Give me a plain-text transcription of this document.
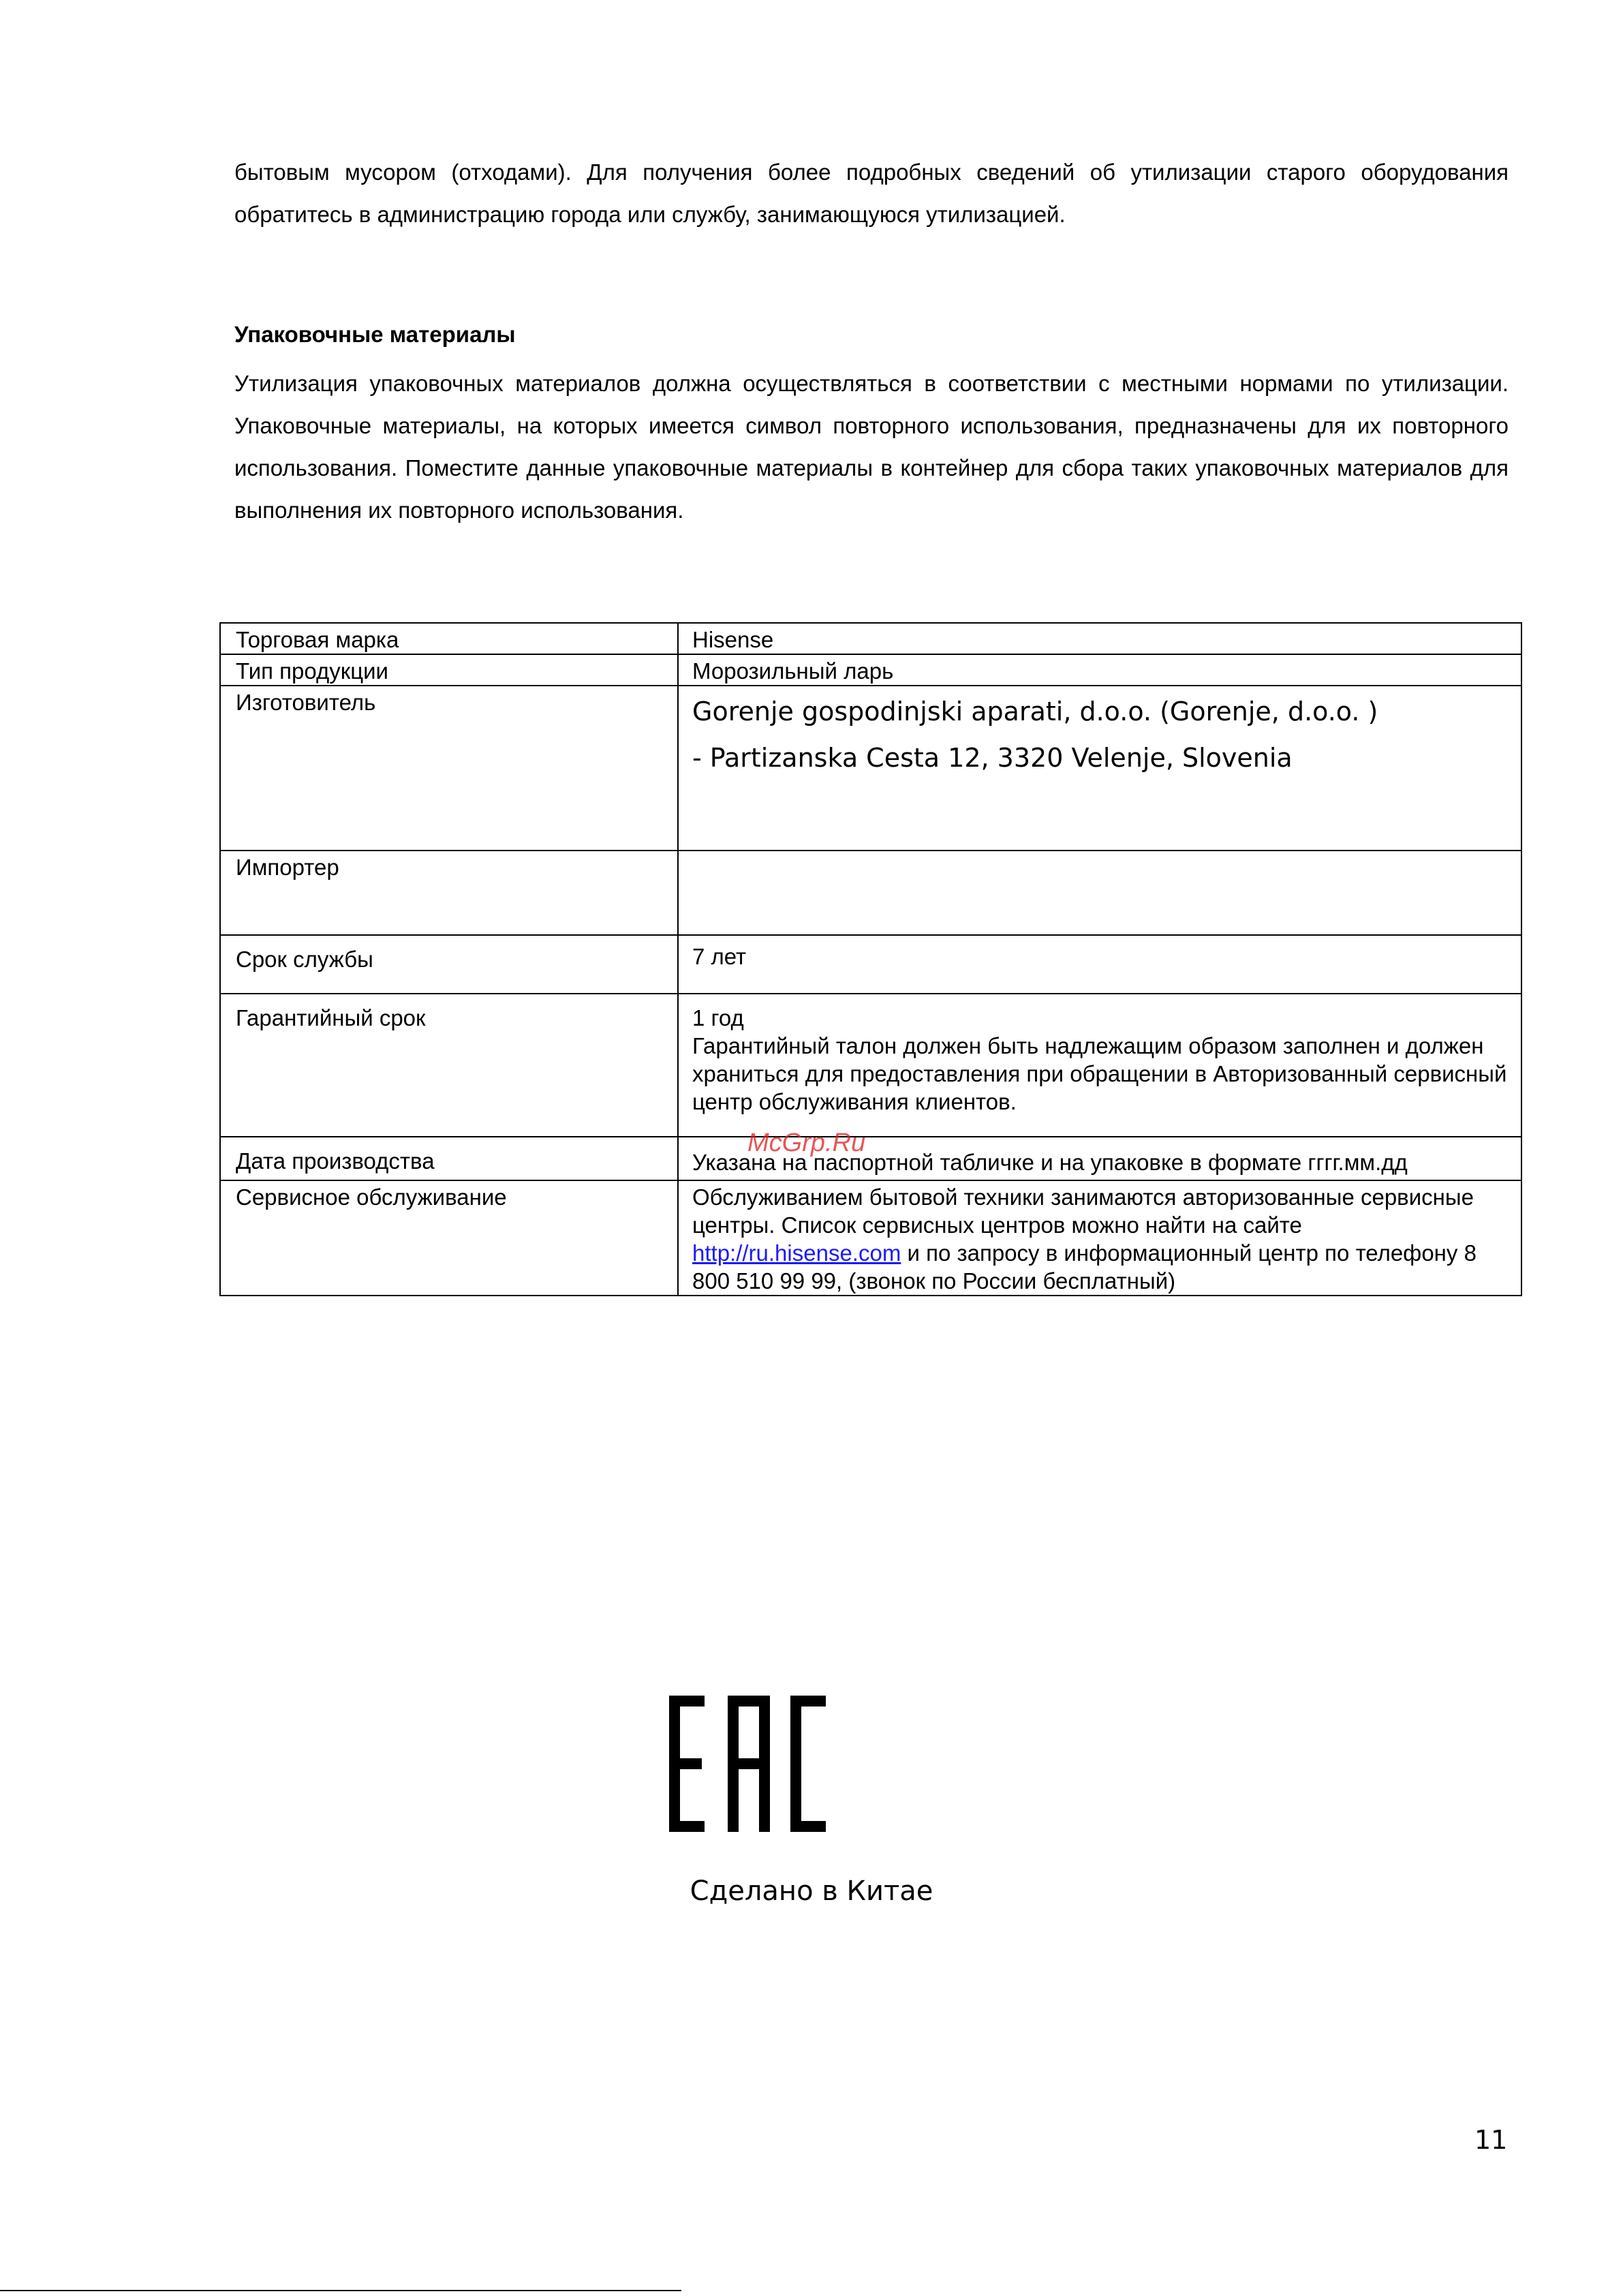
бытовым мусором (отходами). Для получения более подробных сведений об утилизации старого оборудования обратитесь в администрацию города или службу, занимающуюся утилизацией.

Упаковочные материалы

Утилизация упаковочных материалов должна осуществляться в соответствии с местными нормами по утилизации. Упаковочные материалы, на которых имеется символ повторного использования, предназначены для их повторного использования. Поместите данные упаковочные материалы в контейнер для сбора таких упаковочных материалов для выполнения их повторного использования.

Торговая марка	Hisense
Тип продукции	Морозильный ларь
Изготовитель	Gorenje gospodinjski aparati, d.o.o. (Gorenje, d.o.o. )
- Partizanska Cesta 12, 3320 Velenje, Slovenia

Импортер	
Срок службы	7 лет
Гарантийный срок	1 год
Гарантийный талон должен быть надлежащим образом заполнен и должен храниться для предоставления при обращении в Авторизованный сервисный центр обслуживания клиентов.

Дата производства	Указана на паспортной табличке и на упаковке в формате гггг.мм.дд
Сервисное обслуживание	Обслуживанием бытовой техники занимаются авторизованные сервисные центры. Список сервисных центров можно найти на сайте http://ru.hisense.com и по запросу в информационный центр по телефону 8 800 510 99 99, (звонок по России бесплатный)
McGrp.Ru
Сделано в Китае
11
